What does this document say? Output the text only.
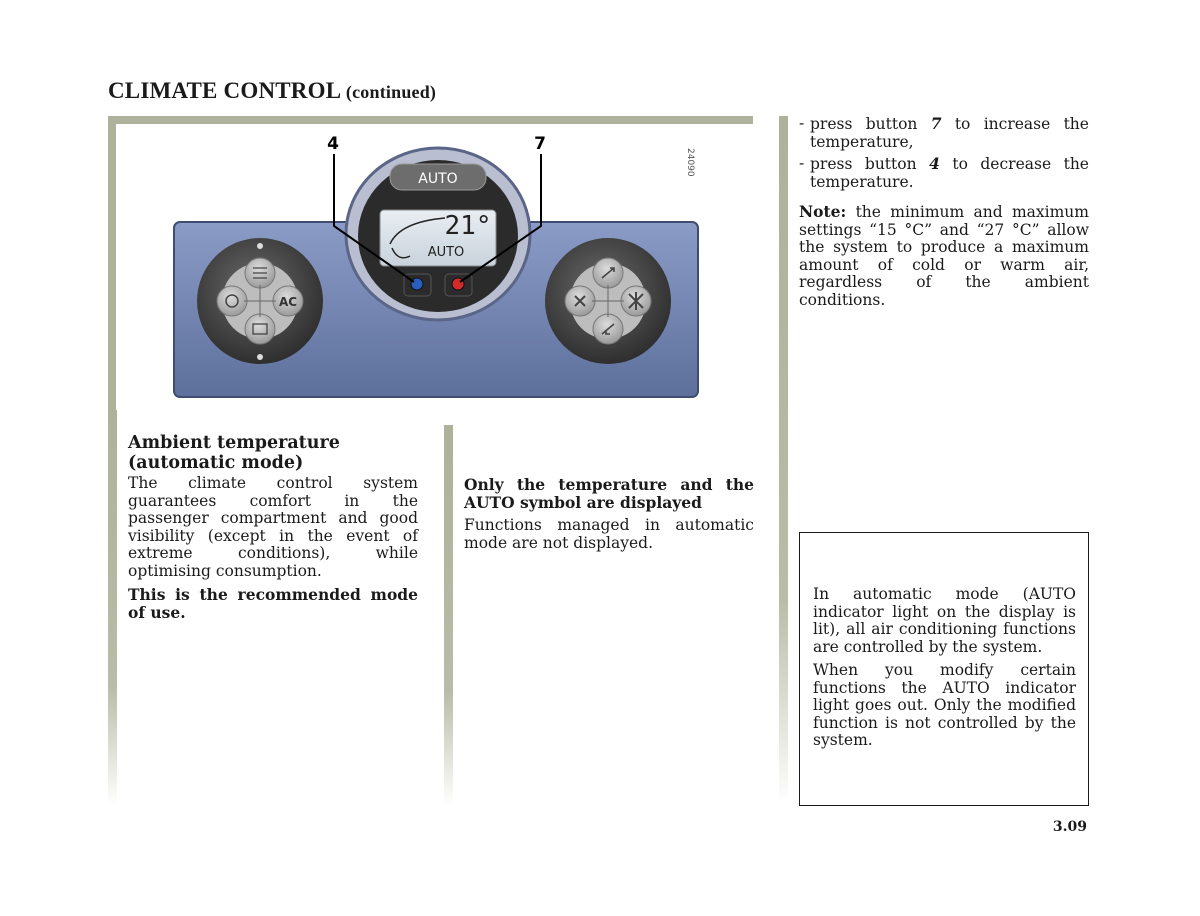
CLIMATE CONTROL (continued)
AC
AUTO
21°
AUTO
4	7
24090

Ambient temperature (automatic mode)

The climate control system guarantees comfort in the passenger compartment and good visibility (except in the event of extreme conditions), while optimising consumption.

This is the recommended mode of use.

Only the temperature and the AUTO symbol are displayed

Functions managed in automatic mode are not displayed.

- press button 7 to increase the temperature,

- press button 4 to decrease the temperature.

Note: the minimum and maximum settings “15 °C” and “27 °C” allow the system to produce a maximum amount of cold or warm air, regardless of the ambient conditions.

In automatic mode (AUTO indicator light on the display is lit), all air conditioning functions are controlled by the system.

When you modify certain functions the AUTO indicator light goes out. Only the modified function is not controlled by the system.

3.09
